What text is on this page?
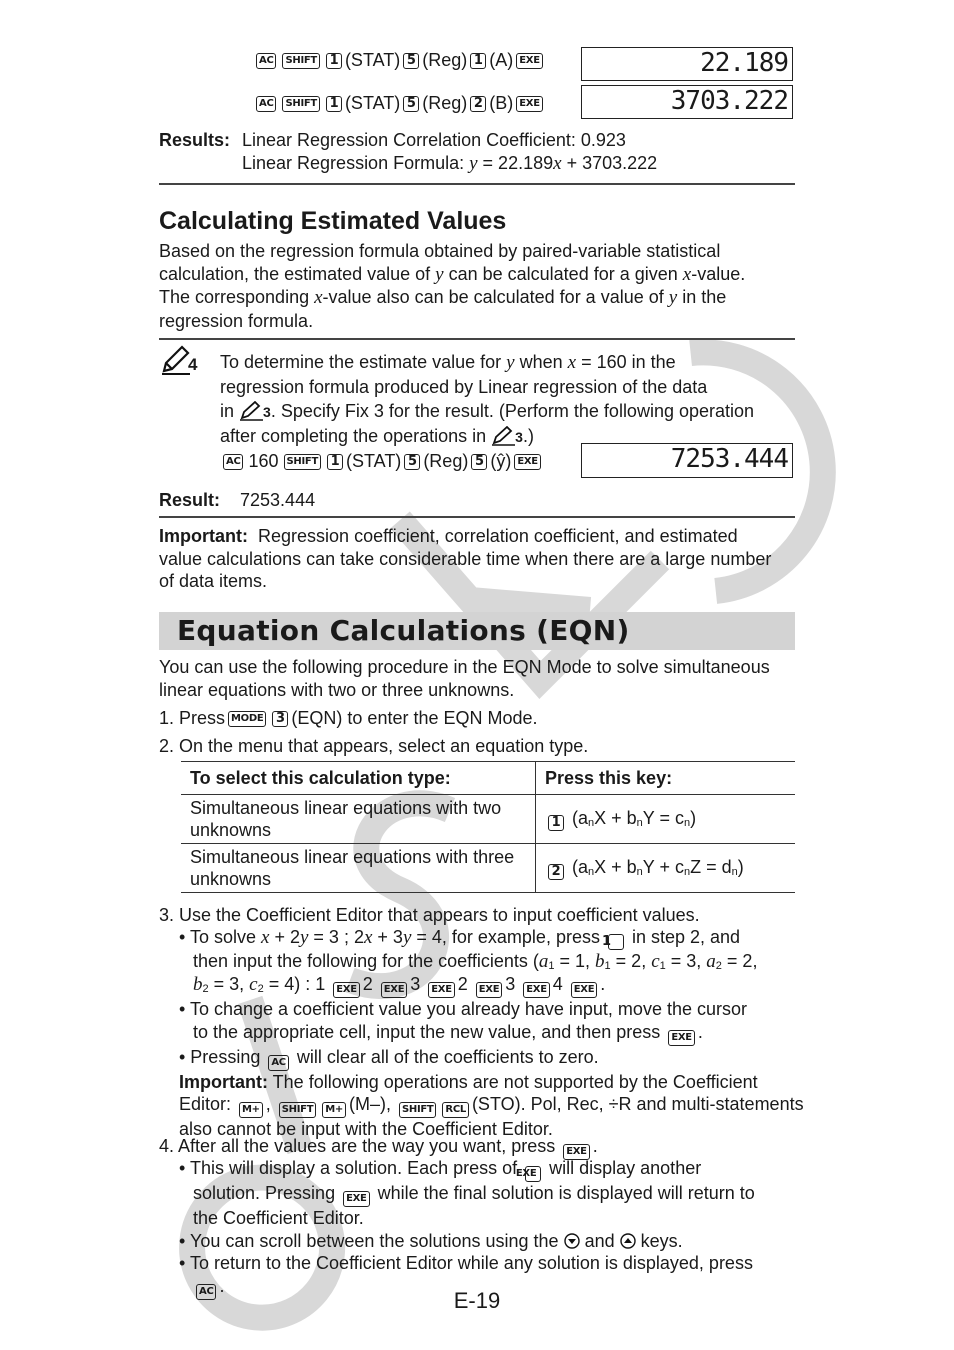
AC	SHIFT 1 (STAT) 5 (Reg) 1 (A) EXE	22.189
AC	SHIFT 1 (STAT) 5 (Reg) 2 (B) EXE	3703.222
Results: Linear Regression Correlation Coefficient: 0.923
Linear Regression Formula: y = 22.189x + 3703.222
Calculating Estimated Values
Based on the regression formula obtained by paired-variable statistical
calculation, the estimated value of y can be calculated for a given x-value.
The corresponding x-value also can be calculated for a value of y in the
regression formula.
4 To determine the estimate value for y when x = 160 in the
regression formula produced by Linear regression of the data
in 3. Specify Fix 3 for the result. (Perform the following operation
after completing the operations in 3.)
AC 160 SHIFT 1 (STAT) 5 (Reg) 5 (ŷ) EXE	7253.444
Result: 7253.444
Important: Regression coefficient, correlation coefficient, and estimated
value calculations can take considerable time when there are a large number
of data items.
Equation Calculations (EQN)
You can use the following procedure in the EQN Mode to solve simultaneous
linear equations with two or three unknowns.
1. Press MODE 3 (EQN) to enter the EQN Mode.
2. On the menu that appears, select an equation type.
To select this calculation type:	Press this key:
Simultaneous linear equations with two unknowns	1 $(a_nX + b_nY = c_n)$
Simultaneous linear equations with three unknowns	2 $(a_nX + b_nY + c_nZ = d_n)$
3. Use the Coefficient Editor that appears to input coefficient values.
• To solve x + 2y = 3 ; 2x + 3y = 4, for example, press 1 in step 2, and
then input the following for the coefficients ($a_1 = 1$, $b_1 = 2$, $c_1 = 3$, $a_2 = 2$,
$b_2 = 3$, $c_2 = 4$) : 1 EXE 2 EXE 3 EXE 2 EXE 3 EXE 4 EXE .
• To change a coefficient value you already have input, move the cursor
to the appropriate cell, input the new value, and then press EXE .
• Pressing AC will clear all of the coefficients to zero.
Important: The following operations are not supported by the Coefficient
Editor: M+ , SHIFT M+ (M–), SHIFT RCL (STO). Pol, Rec, ÷R and multi-statements
also cannot be input with the Coefficient Editor.
4. After all the values are the way you want, press EXE .
• This will display a solution. Each press of EXE will display another
solution. Pressing EXE while the final solution is displayed will return to
the Coefficient Editor.
• You can scroll between the solutions using the  and  keys.
• To return to the Coefficient Editor while any solution is displayed, press
AC .
E-19
